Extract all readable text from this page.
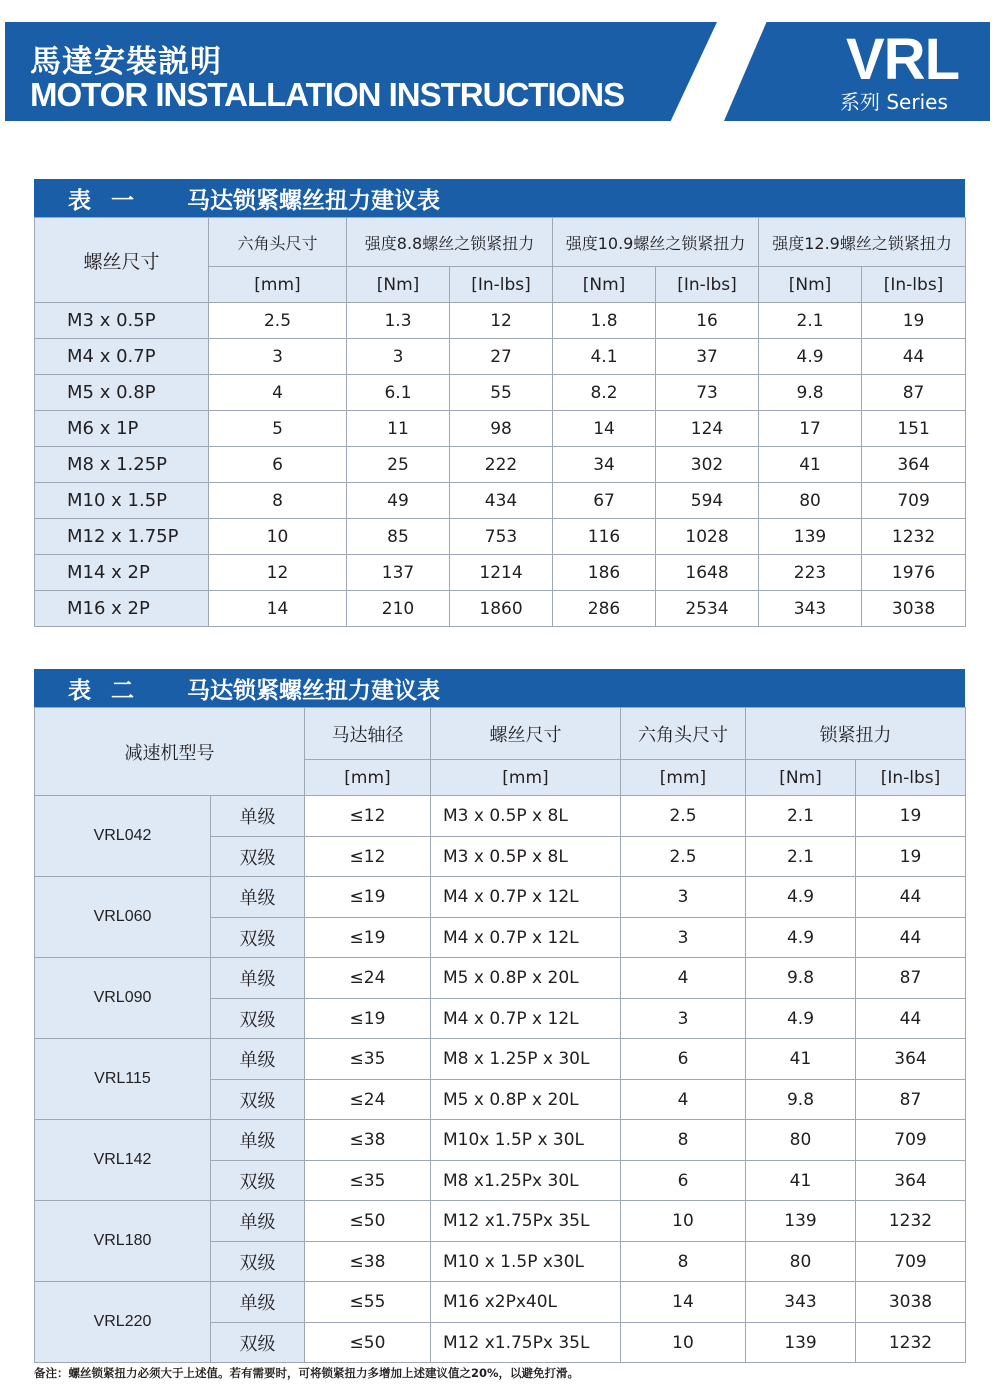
馬達安裝説明
MOTOR INSTALLATION INSTRUCTIONS
VRL
系列 Series
表 一	马达锁紧螺丝扭力建议表
螺丝尺寸	六角头尺寸	强度8.8螺丝之锁紧扭力		强度10.9螺丝之锁紧扭力		强度12.9螺丝之锁紧扭力	
	[mm]	[Nm]	[In-lbs]	[Nm]	[In-lbs]	[Nm]	[In-lbs]
M3 x 0.5P	2.5	1.3	12	1.8	16	2.1	19
M4 x 0.7P	3	3	27	4.1	37	4.9	44
M5 x 0.8P	4	6.1	55	8.2	73	9.8	87
M6 x 1P	5	11	98	14	124	17	151
M8 x 1.25P	6	25	222	34	302	41	364
M10 x 1.5P	8	49	434	67	594	80	709
M12 x 1.75P	10	85	753	116	1028	139	1232
M14 x 2P	12	137	1214	186	1648	223	1976
M16 x 2P	14	210	1860	286	2534	343	3038
表 二	马达锁紧螺丝扭力建议表
减速机型号		马达轴径	螺丝尺寸	六角头尺寸	锁紧扭力	
		[mm]	[mm]	[mm]	[Nm]	[In-lbs]
VRL042	单级	≤12	M3 x 0.5P x 8L	2.5	2.1	19
	双级	≤12	M3 x 0.5P x 8L	2.5	2.1	19
VRL060	单级	≤19	M4 x 0.7P x 12L	3	4.9	44
	双级	≤19	M4 x 0.7P x 12L	3	4.9	44
VRL090	单级	≤24	M5 x 0.8P x 20L	4	9.8	87
	双级	≤19	M4 x 0.7P x 12L	3	4.9	44
VRL115	单级	≤35	M8 x 1.25P x 30L	6	41	364
	双级	≤24	M5 x 0.8P x 20L	4	9.8	87
VRL142	单级	≤38	M10x 1.5P x 30L	8	80	709
	双级	≤35	M8 x1.25Px 30L	6	41	364
VRL180	单级	≤50	M12 x1.75Px 35L	10	139	1232
	双级	≤38	M10 x 1.5P x30L	8	80	709
VRL220	单级	≤55	M16 x2Px40L	14	343	3038
	双级	≤50	M12 x1.75Px 35L	10	139	1232
备注：螺丝锁紧扭力必须大于上述值。若有需要时，可将锁紧扭力多增加上述建议值之20%，以避免打滑。
